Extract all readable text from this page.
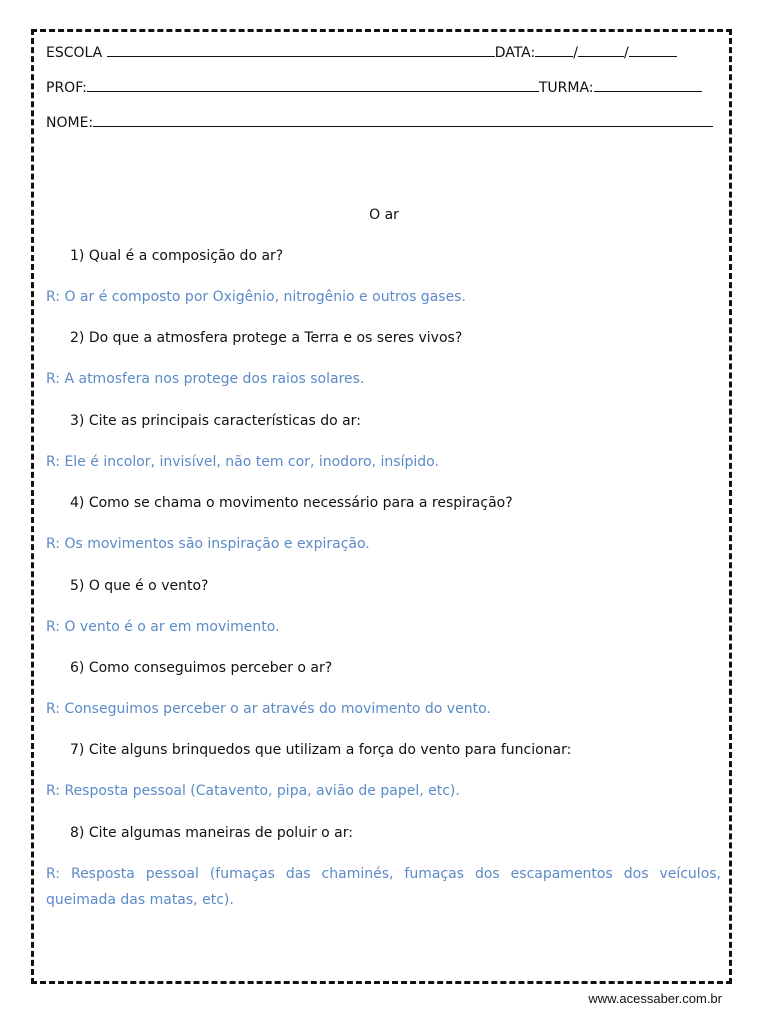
ESCOLA	DATA:	/	/
PROF:	TURMA:
NOME:
O ar
1) Qual é a composição do ar?
R: O ar é composto por Oxigênio, nitrogênio e outros gases.
2) Do que a atmosfera protege a Terra e os seres vivos?
R: A atmosfera nos protege dos raios solares.
3) Cite as principais características do ar:
R: Ele é incolor, invisível, não tem cor, inodoro, insípido.
4) Como se chama o movimento necessário para a respiração?
R: Os movimentos são inspiração e expiração.
5) O que é o vento?
R: O vento é o ar em movimento.
6) Como conseguimos perceber o ar?
R: Conseguimos perceber o ar através do movimento do vento.
7) Cite alguns brinquedos que utilizam a força do vento para funcionar:
R: Resposta pessoal (Catavento, pipa, avião de papel, etc).
8) Cite algumas maneiras de poluir o ar:
R: Resposta pessoal (fumaças das chaminés, fumaças dos escapamentos dos veículos, queimada das matas, etc).
www.acessaber.com.br
